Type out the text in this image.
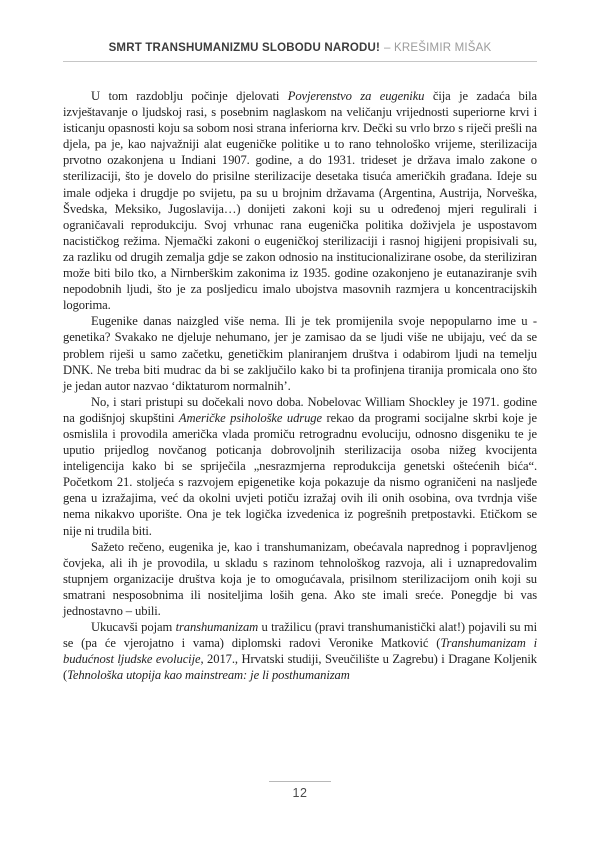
SMRT TRANSHUMANIZMU SLOBODU NARODU! – KREŠIMIR MIŠAK

U tom razdoblju počinje djelovati Povjerenstvo za eugeniku čija je zadaća bila izvještavanje o ljudskoj rasi, s posebnim naglaskom na veličanju vrijednosti superiorne krvi i isticanju opasnosti koju sa sobom nosi strana inferiorna krv. Dečki su vrlo brzo s riječi prešli na djela, pa je, kao najvažniji alat eugeničke politike u to rano tehnološko vrijeme, sterilizacija prvotno ozakonjena u Indiani 1907. godine, a do 1931. trideset je država imalo zakone o sterilizaciji, što je dovelo do prisilne sterilizacije desetaka tisuća američkih građana. Ideje su imale odjeka i drugdje po svijetu, pa su u brojnim državama (Argentina, Austrija, Norveška, Švedska, Meksiko, Jugoslavija…) donijeti zakoni koji su u određenoj mjeri regulirali i ograničavali reprodukciju. Svoj vrhunac rana eugenička politika doživjela je uspostavom nacističkog režima. Njemački zakoni o eugeničkoj sterilizaciji i rasnoj higijeni propisivali su, za razliku od drugih zemalja gdje se zakon odnosio na institucionalizirane osobe, da steriliziran može biti bilo tko, a Nirnberškim zakonima iz 1935. godine ozakonjeno je eutanaziranje svih nepodobnih ljudi, što je za posljedicu imalo ubojstva masovnih razmjera u koncentracijskih logorima.

Eugenike danas naizgled više nema. Ili je tek promijenila svoje nepopularno ime u - genetika? Svakako ne djeluje nehumano, jer je zamisao da se ljudi više ne ubijaju, već da se problem riješi u samo začetku, genetičkim planiranjem društva i odabirom ljudi na temelju DNK. Ne treba biti mudrac da bi se zaključilo kako bi ta profinjena tiranija promicala ono što je jedan autor nazvao ‘diktaturom normalnih’.

No, i stari pristupi su dočekali novo doba. Nobelovac William Shockley je 1971. godine na godišnjoj skupštini Američke psihološke udruge rekao da programi socijalne skrbi koje je osmislila i provodila američka vlada promiču retrogradnu evoluciju, odnosno disgeniku te je uputio prijedlog novčanog poticanja dobrovoljnih sterilizacija osoba nižeg kvocijenta inteligencija kako bi se spriječila „nesrazmjerna reprodukcija genetski oštećenih bića“. Početkom 21. stoljeća s razvojem epigenetike koja pokazuje da nismo ograničeni na nasljeđe gena u izražajima, već da okolni uvjeti potiču izražaj ovih ili onih osobina, ova tvrdnja više nema nikakvo uporište. Ona je tek logička izvedenica iz pogrešnih pretpostavki. Etičkom se nije ni trudila biti.

Sažeto rečeno, eugenika je, kao i transhumanizam, obećavala naprednog i popravljenog čovjeka, ali ih je provodila, u skladu s razinom tehnološkog razvoja, ali i uznapredovalim stupnjem organizacije društva koja je to omogućavala, prisilnom sterilizacijom onih koji su smatrani nesposobnima ili nositeljima loših gena. Ako ste imali sreće. Ponegdje bi vas jednostavno – ubili.

Ukucavši pojam transhumanizam u tražilicu (pravi transhumanistički alat!) pojavili su mi se (pa će vjerojatno i vama) diplomski radovi Veronike Matković (Transhumanizam i budućnost ljudske evolucije, 2017., Hrvatski studiji, Sveučilište u Zagrebu) i Dragane Koljenik (Tehnološka utopija kao mainstream: je li posthumanizam

12
